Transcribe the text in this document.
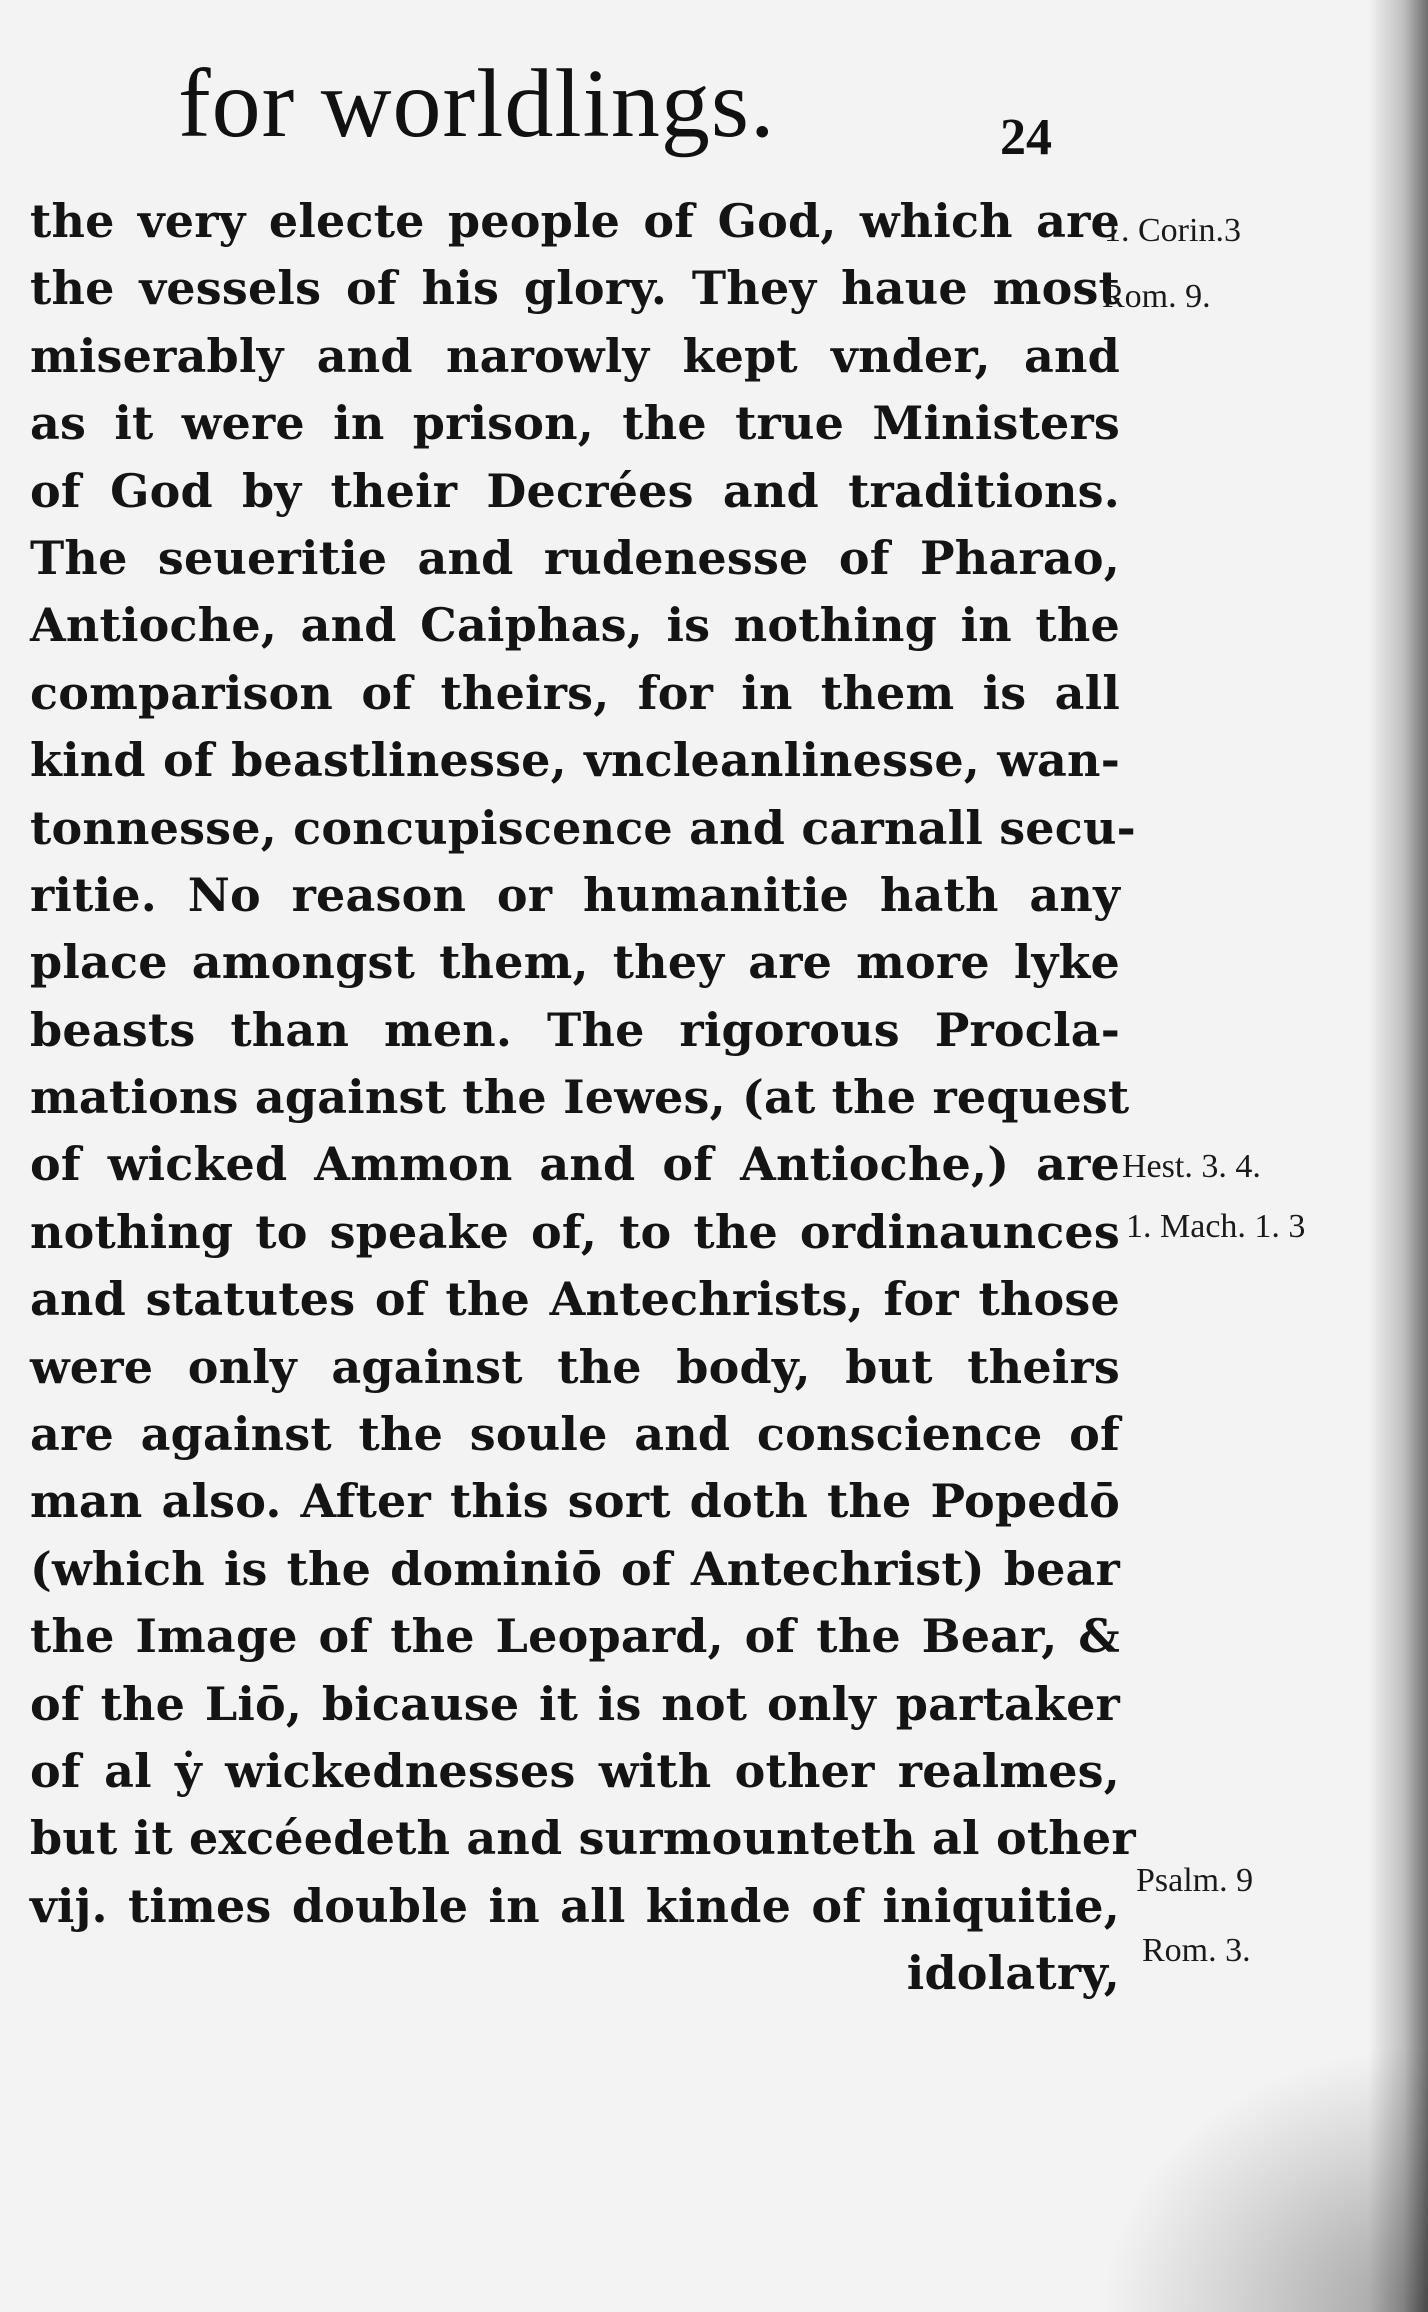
for worldlings.	24
the very electe people of God, which are
the vessels of his glory. They haue most
miserably and narowly kept vnder, and
as it were in prison, the true Ministers
of God by their Decrées and traditions.
The seueritie and rudenesse of Pharao,
Antioche, and Caiphas, is nothing in the
comparison of theirs, for in them is all
kind of beastlinesse, vncleanlinesse, wan-
tonnesse, concupiscence and carnall secu-
ritie. No reason or humanitie hath any
place amongst them, they are more lyke
beasts than men. The rigorous Procla-
mations against the Iewes, (at the request
of wicked Ammon and of Antioche,) are
nothing to speake of, to the ordinaunces
and statutes of the Antechrists, for those
were only against the body, but theirs
are against the soule and conscience of
man also. After this sort doth the Popedō
(which is the dominiō of Antechrist) bear
the Image of the Leopard, of the Bear, &
of the Liō, bicause it is not only partaker
of al ẏ wickednesses with other realmes,
but it excéedeth and surmounteth al other
vij. times double in all kinde of iniquitie,
idolatry,
1. Corin.3
Rom. 9.
Hest. 3. 4.
1. Mach. 1. 3
Psalm. 9
Rom. 3.
